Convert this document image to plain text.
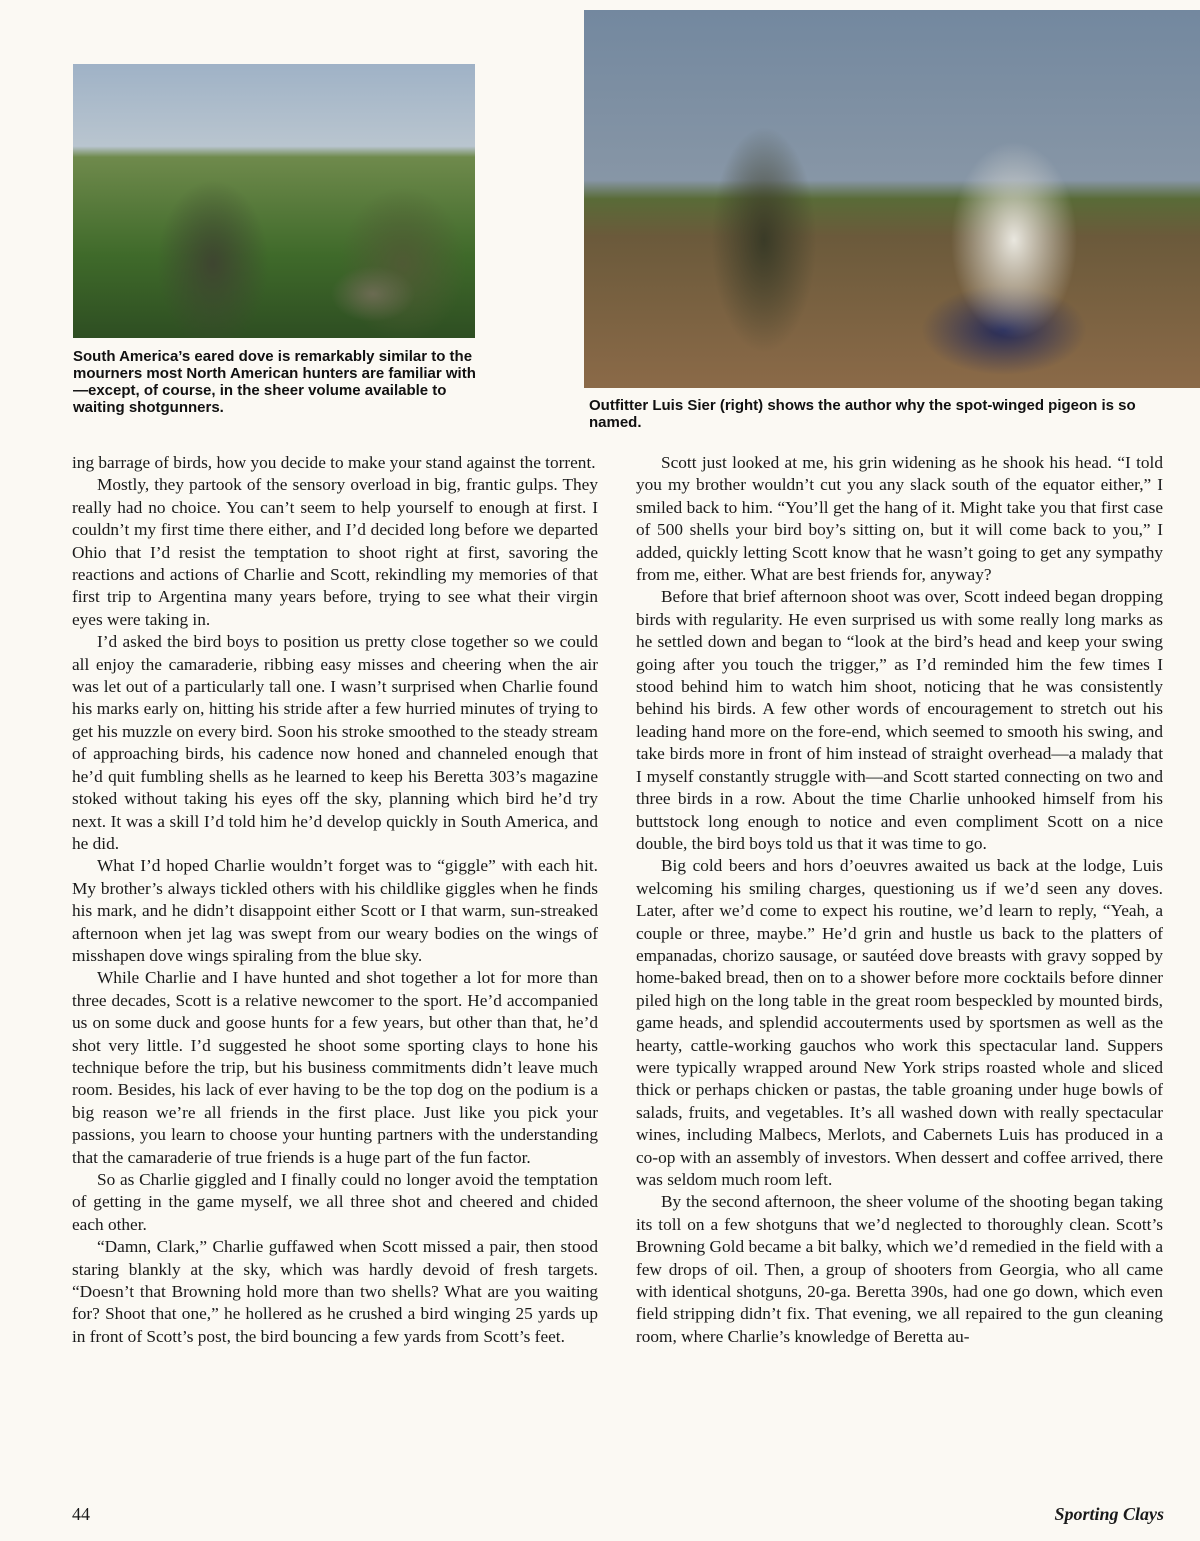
South America’s eared dove is remarkably similar to the mourners most North American hunters are familiar with—except, of course, in the sheer volume available to waiting shotgunners.	Outfitter Luis Sier (right) shows the author why the spot-winged pigeon is so named.

ing barrage of birds, how you decide to make your stand against the torrent.

Mostly, they partook of the sensory overload in big, frantic gulps. They really had no choice. You can’t seem to help yourself to enough at first. I couldn’t my first time there either, and I’d decided long before we departed Ohio that I’d resist the temptation to shoot right at first, savoring the reactions and actions of Charlie and Scott, rekindling my memories of that first trip to Argentina many years before, trying to see what their virgin eyes were taking in.

I’d asked the bird boys to position us pretty close together so we could all enjoy the camaraderie, ribbing easy misses and cheering when the air was let out of a particularly tall one. I wasn’t surprised when Charlie found his marks early on, hitting his stride after a few hurried minutes of trying to get his muzzle on every bird. Soon his stroke smoothed to the steady stream of approaching birds, his cadence now honed and channeled enough that he’d quit fumbling shells as he learned to keep his Beretta 303’s magazine stoked without taking his eyes off the sky, planning which bird he’d try next. It was a skill I’d told him he’d develop quickly in South America, and he did.

What I’d hoped Charlie wouldn’t forget was to “giggle” with each hit. My brother’s always tickled others with his childlike giggles when he finds his mark, and he didn’t disappoint either Scott or I that warm, sun-streaked afternoon when jet lag was swept from our weary bodies on the wings of misshapen dove wings spiraling from the blue sky.

While Charlie and I have hunted and shot together a lot for more than three decades, Scott is a relative newcomer to the sport. He’d accompanied us on some duck and goose hunts for a few years, but other than that, he’d shot very little. I’d suggested he shoot some sporting clays to hone his technique before the trip, but his business commitments didn’t leave much room. Besides, his lack of ever having to be the top dog on the podium is a big reason we’re all friends in the first place. Just like you pick your passions, you learn to choose your hunting partners with the understanding that the camaraderie of true friends is a huge part of the fun factor.

So as Charlie giggled and I finally could no longer avoid the temptation of getting in the game myself, we all three shot and cheered and chided each other.

“Damn, Clark,” Charlie guffawed when Scott missed a pair, then stood staring blankly at the sky, which was hardly devoid of fresh targets. “Doesn’t that Browning hold more than two shells? What are you waiting for? Shoot that one,” he hollered as he crushed a bird winging 25 yards up in front of Scott’s post, the bird bouncing a few yards from Scott’s feet.

Scott just looked at me, his grin widening as he shook his head. “I told you my brother wouldn’t cut you any slack south of the equator either,” I smiled back to him. “You’ll get the hang of it. Might take you that first case of 500 shells your bird boy’s sitting on, but it will come back to you,” I added, quickly letting Scott know that he wasn’t going to get any sympathy from me, either. What are best friends for, anyway?

Before that brief afternoon shoot was over, Scott indeed began dropping birds with regularity. He even surprised us with some really long marks as he settled down and began to “look at the bird’s head and keep your swing going after you touch the trigger,” as I’d reminded him the few times I stood behind him to watch him shoot, noticing that he was consistently behind his birds. A few other words of encouragement to stretch out his leading hand more on the fore-end, which seemed to smooth his swing, and take birds more in front of him instead of straight overhead—a malady that I myself constantly struggle with—and Scott started connecting on two and three birds in a row. About the time Charlie unhooked himself from his buttstock long enough to notice and even compliment Scott on a nice double, the bird boys told us that it was time to go.

Big cold beers and hors d’oeuvres awaited us back at the lodge, Luis welcoming his smiling charges, questioning us if we’d seen any doves. Later, after we’d come to expect his routine, we’d learn to reply, “Yeah, a couple or three, maybe.” He’d grin and hustle us back to the platters of empanadas, chorizo sausage, or sautéed dove breasts with gravy sopped by home-baked bread, then on to a shower before more cocktails before dinner piled high on the long table in the great room bespeckled by mounted birds, game heads, and splendid accouterments used by sportsmen as well as the hearty, cattle-working gauchos who work this spectacular land. Suppers were typically wrapped around New York strips roasted whole and sliced thick or perhaps chicken or pastas, the table groaning under huge bowls of salads, fruits, and vegetables. It’s all washed down with really spectacular wines, including Malbecs, Merlots, and Cabernets Luis has produced in a co-op with an assembly of investors. When dessert and coffee arrived, there was seldom much room left.

By the second afternoon, the sheer volume of the shooting began taking its toll on a few shotguns that we’d neglected to thoroughly clean. Scott’s Browning Gold became a bit balky, which we’d remedied in the field with a few drops of oil. Then, a group of shooters from Georgia, who all came with identical shotguns, 20-ga. Beretta 390s, had one go down, which even field stripping didn’t fix. That evening, we all repaired to the gun cleaning room, where Charlie’s knowledge of Beretta au-

44	Sporting Clays
